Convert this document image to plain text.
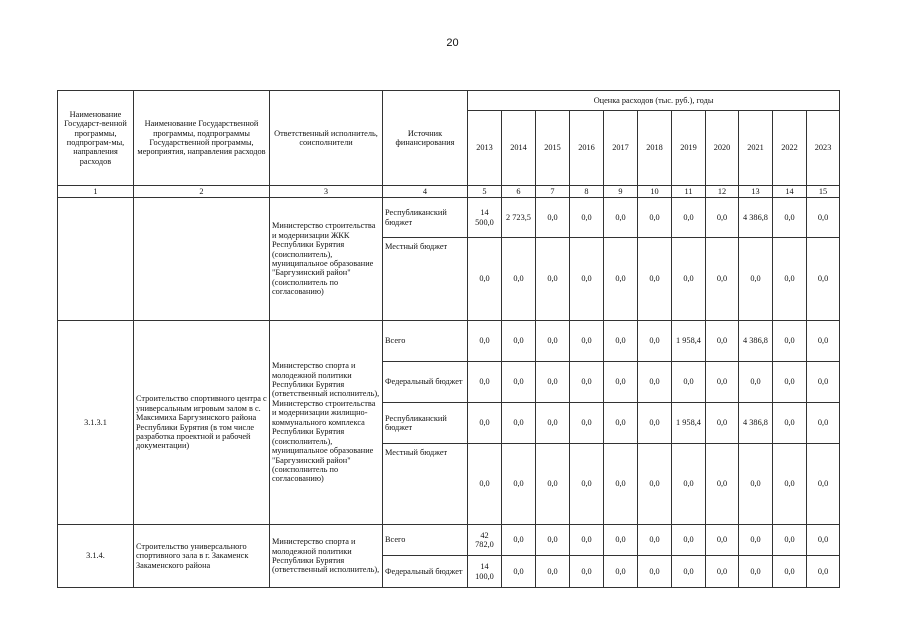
20
Наименование Государст-венной программы, подпрограм-мы, направления расходов	Наименование Государственной программы, подпрограммы Государственной программы, мероприятия, направления расходов	Ответственный исполнитель, соисполнители	Источник финансирования	Оценка расходов (тыс. руб.), годы										
				2013	2014	2015	2016	2017	2018	2019	2020	2021	2022	2023
1	2	3	4	5	6	7	8	9	10	11	12	13	14	15
		Министерство строительства и модернизации ЖКК Республики Бурятия (соисполнитель), муниципальное образование "Баргузинский район" (соисполнитель по согласованию)	Республиканский бюджет	14 500,0	2 723,5	0,0	0,0	0,0	0,0	0,0	0,0	4 386,8	0,0	0,0
			Местный бюджет	0,0	0,0	0,0	0,0	0,0	0,0	0,0	0,0	0,0	0,0	0,0
3.1.3.1	Строительство спортивного центра с универсальным игровым залом в с. Максимиха Баргузинского района Республики Бурятия (в том числе разработка проектной и рабочей документации)	Министерство спорта и молодежной политики Республики Бурятия (ответственный исполнитель), Министерство строительства и модернизации жилищно-коммунального комплекса Республики Бурятия (соисполнитель), муниципальное образование "Баргузинский район" (соисполнитель по согласованию)	Всего	0,0	0,0	0,0	0,0	0,0	0,0	1 958,4	0,0	4 386,8	0,0	0,0
			Федеральный бюджет	0,0	0,0	0,0	0,0	0,0	0,0	0,0	0,0	0,0	0,0	0,0
			Республиканский бюджет	0,0	0,0	0,0	0,0	0,0	0,0	1 958,4	0,0	4 386,8	0,0	0,0
			Местный бюджет	0,0	0,0	0,0	0,0	0,0	0,0	0,0	0,0	0,0	0,0	0,0
3.1.4.	Строительство универсального спортивного зала в г. Закаменск Закаменского района	Министерство спорта и молодежной политики Республики Бурятия (ответственный исполнитель),	Всего	42 782,0	0,0	0,0	0,0	0,0	0,0	0,0	0,0	0,0	0,0	0,0
			Федеральный бюджет	14 100,0	0,0	0,0	0,0	0,0	0,0	0,0	0,0	0,0	0,0	0,0
